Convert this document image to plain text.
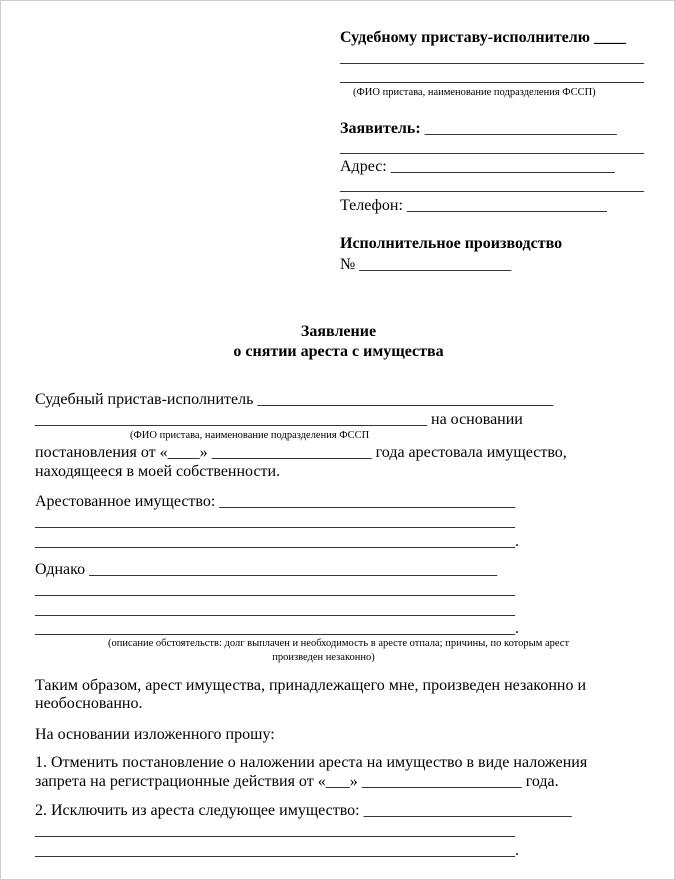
Судебному приставу-исполнителю ____

______________________________________

______________________________________

(ФИО пристава, наименование подразделения ФССП)

Заявитель: ________________________

______________________________________

Адрес: ____________________________

______________________________________

Телефон: _________________________

Исполнительное производство

№ ___________________

Заявление

о снятии ареста с имущества

Судебный пристав-исполнитель _____________________________________

_________________________________________________ на основании

(ФИО пристава, наименование подразделения ФССП

постановления от «____» ____________________ года арестовала имущество,

находящееся в моей собственности.

Арестованное имущество: _____________________________________

____________________________________________________________

____________________________________________________________.

Однако ___________________________________________________

____________________________________________________________

____________________________________________________________

____________________________________________________________.

(описание обстоятельств: долг выплачен и необходимость в аресте отпала; причины, по которым арест
произведен незаконно)

Таким образом, арест имущества, принадлежащего мне, произведен незаконно и

необоснованно.

На основании изложенного прошу:

1. Отменить постановление о наложении ареста на имущество в виде наложения

запрета на регистрационные действия от «___» ____________________ года.

2. Исключить из ареста следующее имущество: __________________________

____________________________________________________________

____________________________________________________________.
